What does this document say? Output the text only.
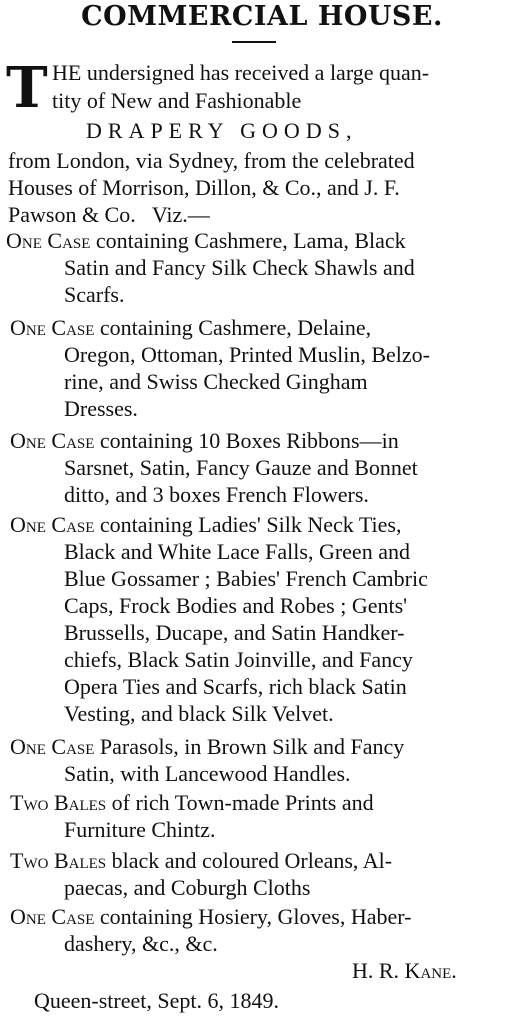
COMMERCIAL HOUSE.
T HE undersigned has received a large quan-
tity of New and Fashionable
DRAPERY GOODS,
from London, via Sydney, from the celebrated
Houses of Morrison, Dillon, & Co., and J. F.
Pawson & Co.   Viz.—
One Case containing Cashmere, Lama, Black
Satin and Fancy Silk Check Shawls and
Scarfs.
One Case containing Cashmere, Delaine,
Oregon, Ottoman, Printed Muslin, Belzo-
rine, and Swiss Checked Gingham
Dresses.
One Case containing 10 Boxes Ribbons—in
Sarsnet, Satin, Fancy Gauze and Bonnet
ditto, and 3 boxes French Flowers.
One Case containing Ladies' Silk Neck Ties,
Black and White Lace Falls, Green and
Blue Gossamer ; Babies' French Cambric
Caps, Frock Bodies and Robes ; Gents'
Brussells, Ducape, and Satin Handker-
chiefs, Black Satin Joinville, and Fancy
Opera Ties and Scarfs, rich black Satin
Vesting, and black Silk Velvet.
One Case Parasols, in Brown Silk and Fancy
Satin, with Lancewood Handles.
Two Bales of rich Town-made Prints and
Furniture Chintz.
Two Bales black and coloured Orleans, Al-
paecas, and Coburgh Cloths
One Case containing Hosiery, Gloves, Haber-
dashery, &c., &c.
H. R. Kane.
Queen-street, Sept. 6, 1849.
